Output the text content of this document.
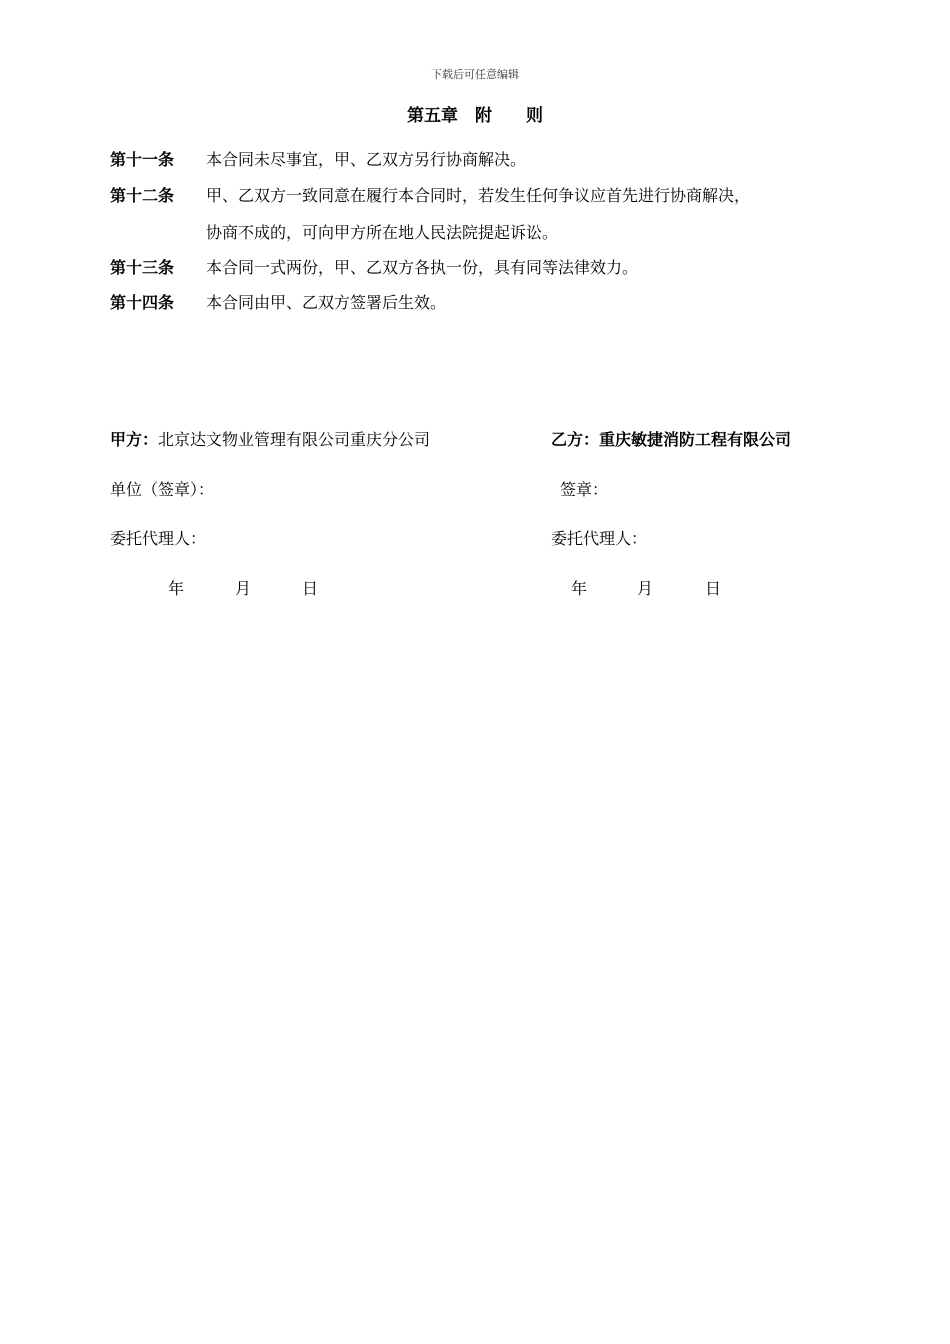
下载后可任意编辑
第五章　附　　则
第十一条 本合同未尽事宜，甲、乙双方另行协商解决。
第十二条 甲、乙双方一致同意在履行本合同时，若发生任何争议应首先进行协商解决，
协商不成的，可向甲方所在地人民法院提起诉讼。
第十三条 本合同一式两份，甲、乙双方各执一份，具有同等法律效力。
第十四条 本合同由甲、乙双方签署后生效。
甲方：北京达文物业管理有限公司重庆分公司
单位（签章）：
委托代理人：
年	月	日
乙方：重庆敏捷消防工程有限公司
签章：
委托代理人：
年	月	日
